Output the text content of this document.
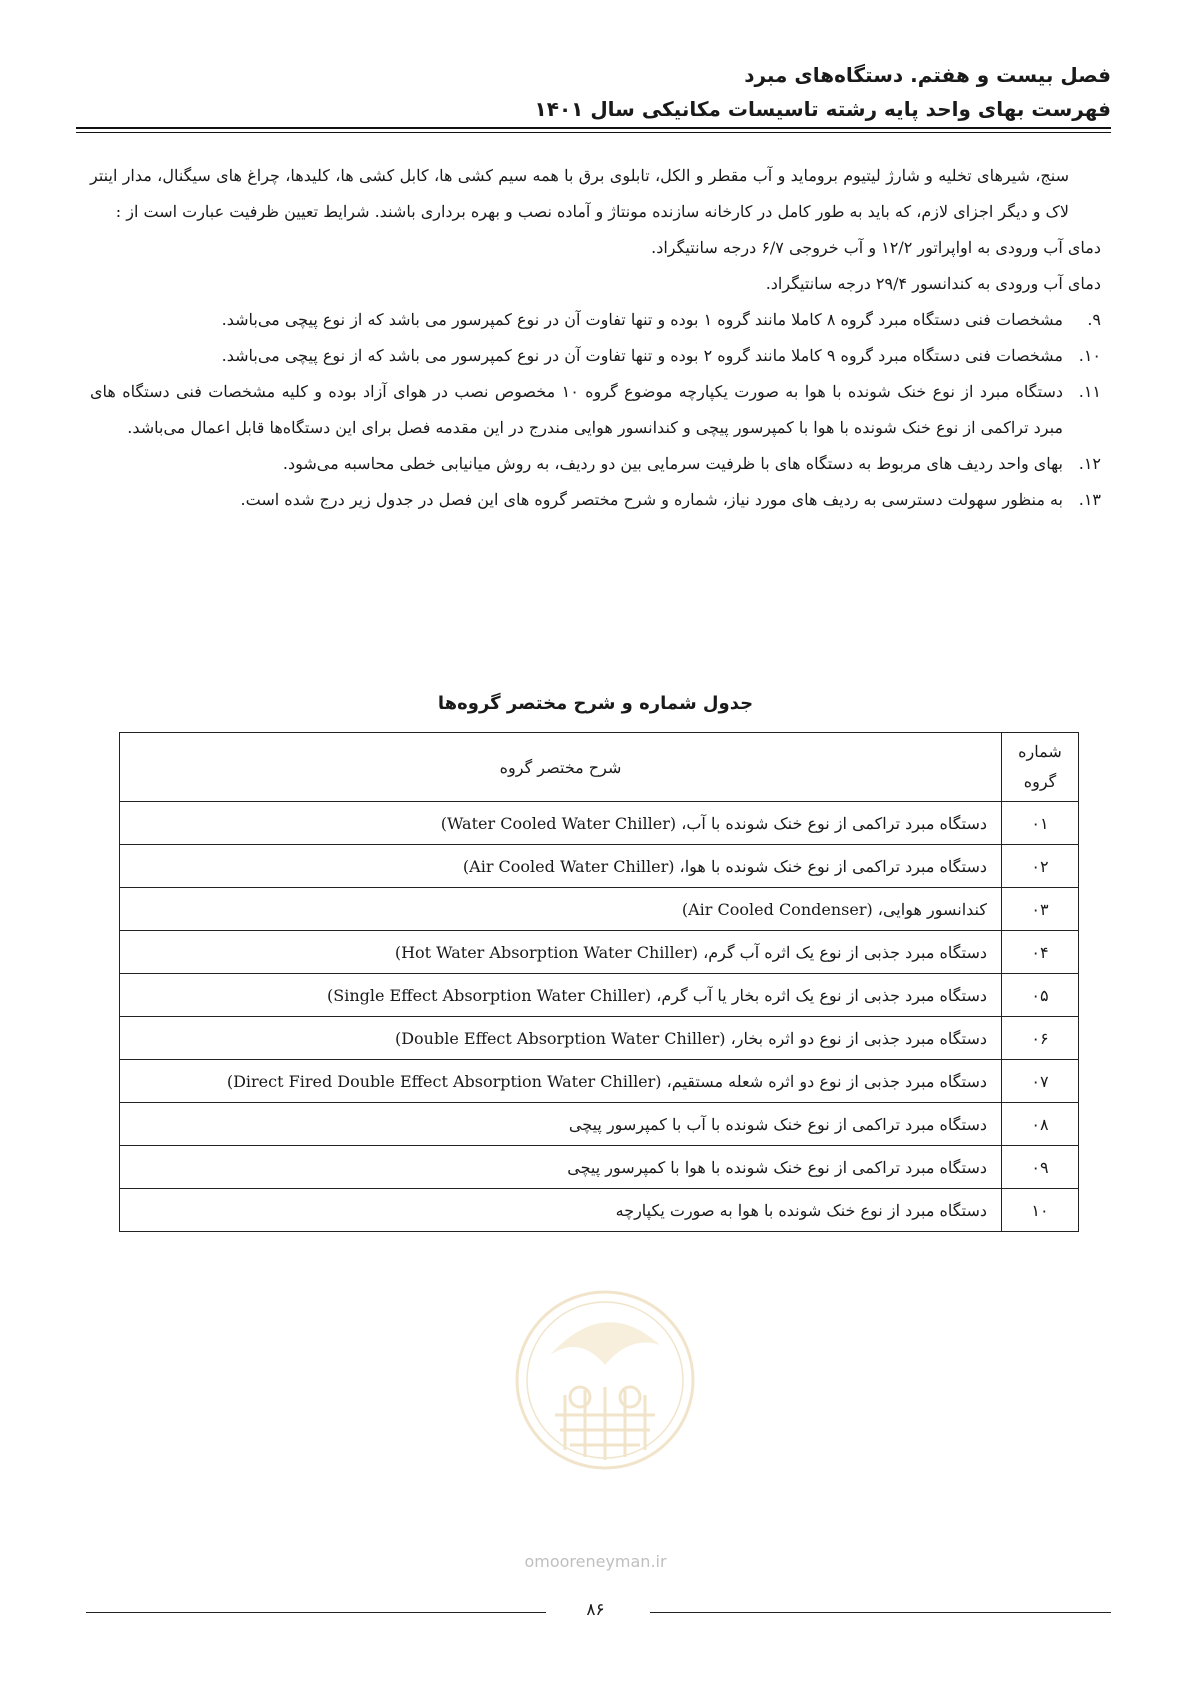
فصل بیست و هفتم. دستگاه‌های مبرد
فهرست بهای واحد پایه رشته تاسیسات مکانیکی سال ۱۴۰۱

سنج، شیرهای تخلیه و شارژ لیتیوم بروماید و آب مقطر و الکل، تابلوی برق با همه سیم کشی ها، کابل کشی ها، کلیدها، چراغ های سیگنال، مدار اینتر لاک و دیگر اجزای لازم، که باید به طور کامل در کارخانه سازنده مونتاژ و آماده نصب و بهره برداری باشند. شرایط تعیین ظرفیت عبارت است از :

دمای آب ورودی به اواپراتور ۱۲/۲ و آب خروجی ۶/۷ درجه سانتیگراد.

دمای آب ورودی به کندانسور ۲۹/۴ درجه سانتیگراد.

۹.
مشخصات فنی دستگاه مبرد گروه ۸ کاملا مانند گروه ۱ بوده و تنها تفاوت آن در نوع کمپرسور می باشد که از نوع پیچی می‌باشد.
۱۰.
مشخصات فنی دستگاه مبرد گروه ۹ کاملا مانند گروه ۲ بوده و تنها تفاوت آن در نوع کمپرسور می باشد که از نوع پیچی می‌باشد.
۱۱.
دستگاه مبرد از نوع خنک شونده با هوا به صورت یکپارچه موضوع گروه ۱۰ مخصوص نصب در هوای آزاد بوده و کلیه مشخصات فنی دستگاه های مبرد تراکمی از نوع خنک شونده با هوا با کمپرسور پیچی و کندانسور هوایی مندرج در این مقدمه فصل برای این دستگاه‌ها قابل اعمال می‌باشد.
۱۲.
بهای واحد ردیف های مربوط به دستگاه های با ظرفیت سرمایی بین دو ردیف، به روش میانیابی خطی محاسبه می‌شود.
۱۳.
به منظور سهولت دسترسی به ردیف های مورد نیاز، شماره و شرح مختصر گروه های این فصل در جدول زیر درج شده است.
جدول شماره و شرح مختصر گروه‌ها
شماره
گروه	شرح مختصر گروه
۰۱	دستگاه مبرد تراکمی از نوع خنک شونده با آب، (Water Cooled Water Chiller)
۰۲	دستگاه مبرد تراکمی از نوع خنک شونده با هوا، (Air Cooled Water Chiller)
۰۳	کندانسور هوایی، (Air Cooled Condenser)
۰۴	دستگاه مبرد جذبی از نوع یک اثره آب گرم، (Hot Water Absorption Water Chiller)
۰۵	دستگاه مبرد جذبی از نوع یک اثره بخار یا آب گرم، (Single Effect Absorption Water Chiller)
۰۶	دستگاه مبرد جذبی از نوع دو اثره بخار، (Double Effect Absorption Water Chiller)
۰۷	دستگاه مبرد جذبی از نوع دو اثره شعله مستقیم، (Direct Fired Double Effect Absorption Water Chiller)
۰۸	دستگاه مبرد تراکمی از نوع خنک شونده با آب با کمپرسور پیچی
۰۹	دستگاه مبرد تراکمی از نوع خنک شونده با هوا با کمپرسور پیچی
۱۰	دستگاه مبرد از نوع خنک شونده با هوا به صورت یکپارچه
omooreneyman.ir
۸۶
